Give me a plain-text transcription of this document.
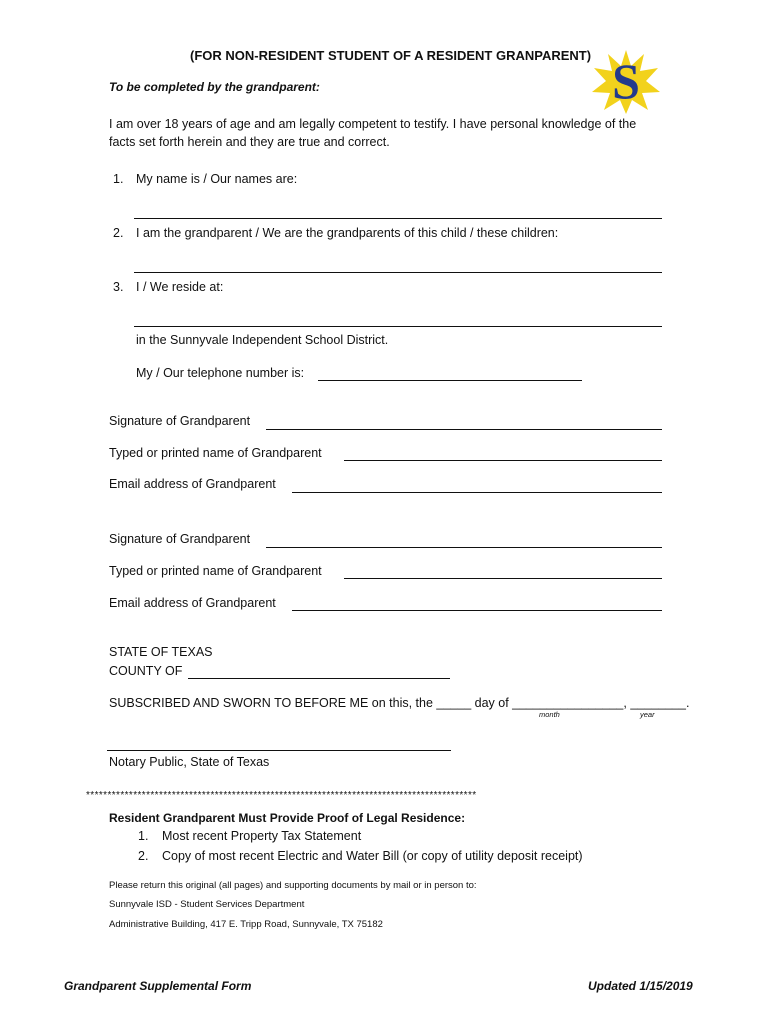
(FOR NON-RESIDENT STUDENT OF A RESIDENT GRANPARENT)
To be completed by the grandparent:	S
I am over 18 years of age and am legally competent to testify. I have personal knowledge of the
facts set forth herein and they are true and correct.
1. My name is / Our names are:
2. I am the grandparent / We are the grandparents of this child / these children:
3. I / We reside at:
in the Sunnyvale Independent School District.
My / Our telephone number is:
Signature of Grandparent
Typed or printed name of Grandparent
Email address of Grandparent
Signature of Grandparent
Typed or printed name of Grandparent
Email address of Grandparent
STATE OF TEXAS
COUNTY OF
SUBSCRIBED AND SWORN TO BEFORE ME on this, the _____ day of ________________, ________.
month	year
Notary Public, State of Texas
*******************************************************************************************
Resident Grandparent Must Provide Proof of Legal Residence:
1. Most recent Property Tax Statement
2. Copy of most recent Electric and Water Bill (or copy of utility deposit receipt)
Please return this original (all pages) and supporting documents by mail or in person to:
Sunnyvale ISD - Student Services Department
Administrative Building, 417 E. Tripp Road, Sunnyvale, TX 75182
Grandparent Supplemental Form	Updated 1/15/2019
